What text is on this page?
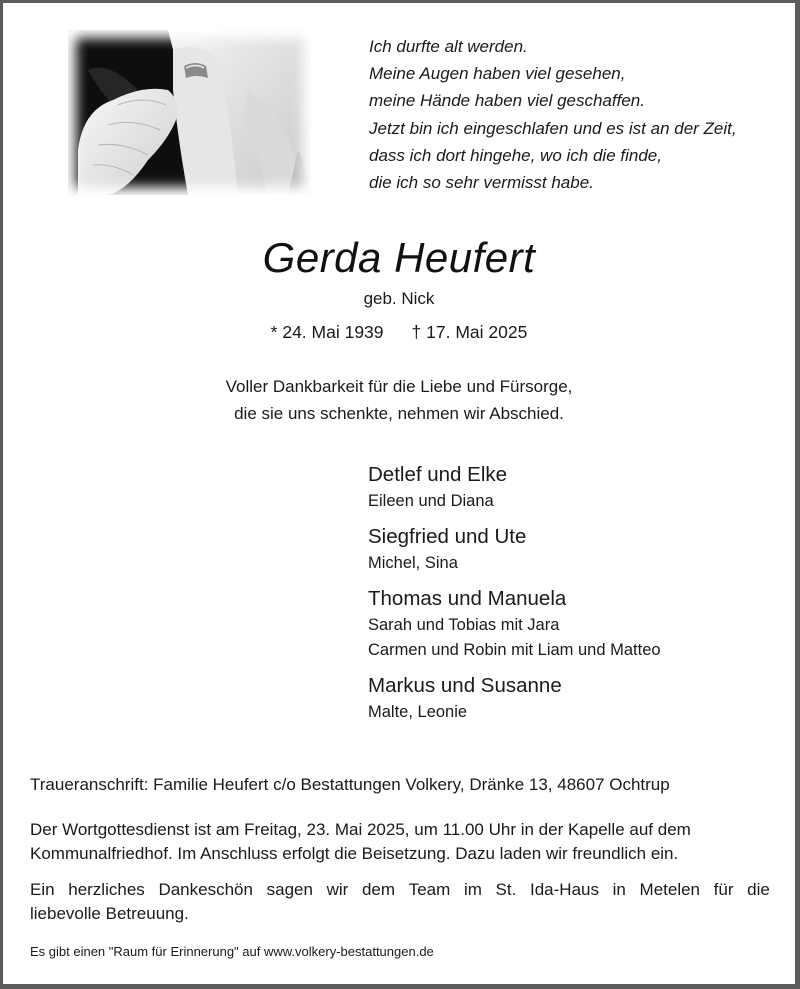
Ich durfte alt werden.
Meine Augen haben viel gesehen,
meine Hände haben viel geschaffen.
Jetzt bin ich eingeschlafen und es ist an der Zeit,
dass ich dort hingehe, wo ich die finde,
die ich so sehr vermisst habe.
Gerda Heufert
geb. Nick
* 24. Mai 1939 † 17. Mai 2025
Voller Dankbarkeit für die Liebe und Fürsorge,
die sie uns schenkte, nehmen wir Abschied.
Detlef und Elke
Eileen und Diana
Siegfried und Ute
Michel, Sina
Thomas und Manuela
Sarah und Tobias mit Jara
Carmen und Robin mit Liam und Matteo
Markus und Susanne
Malte, Leonie
Traueranschrift: Familie Heufert c/o Bestattungen Volkery, Dränke 13, 48607 Ochtrup
Der Wortgottesdienst ist am Freitag, 23. Mai 2025, um 11.00 Uhr in der Kapelle auf dem
Kommunalfriedhof. Im Anschluss erfolgt die Beisetzung. Dazu laden wir freundlich ein.
Ein herzliches Dankeschön sagen wir dem Team im St. Ida-Haus in Metelen für die
liebevolle Betreuung.
Es gibt einen "Raum für Erinnerung" auf www.volkery-bestattungen.de
